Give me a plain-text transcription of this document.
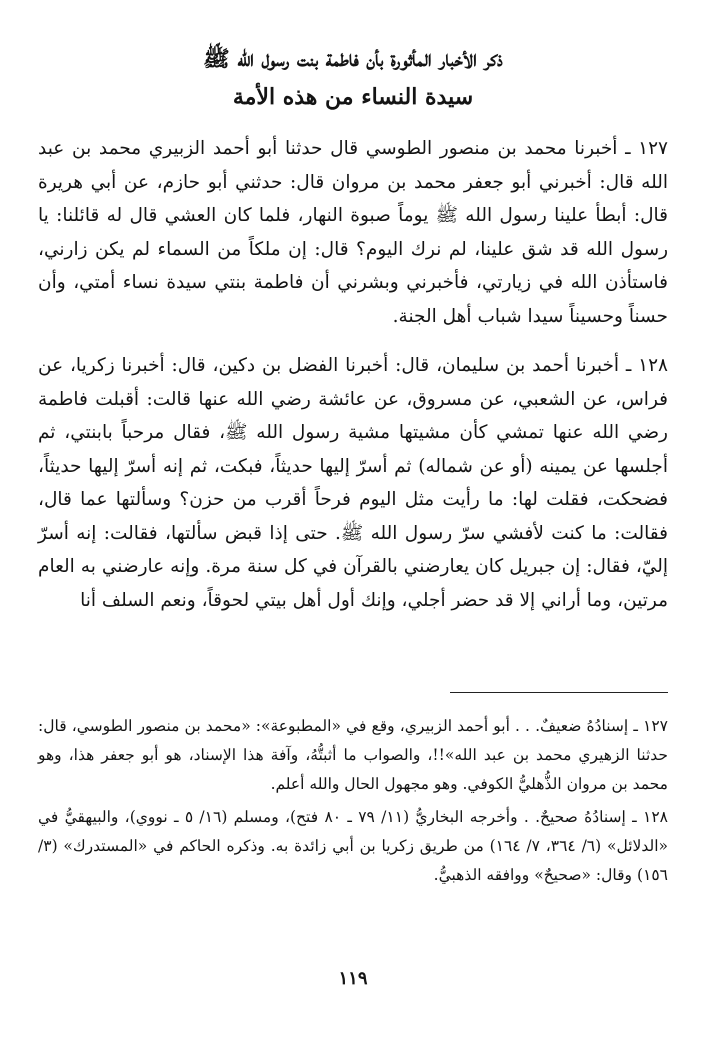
ذكر الأخبار المأثورة بأن فاطمة بنت رسول الله ﷺ
سيدة النساء من هذه الأمة

١٢٧ ـ أخبرنا محمد بن منصور الطوسي قال حدثنا أبو أحمد الزبيري محمد بن عبد الله قال: أخبرني أبو جعفر محمد بن مروان قال: حدثني أبو حازم، عن أبي هريرة قال: أبطأ علينا رسول الله ﷺ يوماً صبوة النهار، فلما كان العشي قال له قائلنا: يا رسول الله قد شق علينا، لم نرك اليوم؟ قال: إن ملكاً من السماء لم يكن زارني، فاستأذن الله في زيارتي، فأخبرني وبشرني أن فاطمة بنتي سيدة نساء أمتي، وأن حسناً وحسيناً سيدا شباب أهل الجنة.

١٢٨ ـ أخبرنا أحمد بن سليمان، قال: أخبرنا الفضل بن دكين، قال: أخبرنا زكريا، عن فراس، عن الشعبي، عن مسروق، عن عائشة رضي الله عنها قالت: أقبلت فاطمة رضي الله عنها تمشي كأن مشيتها مشية رسول الله ﷺ، فقال مرحباً بابنتي، ثم أجلسها عن يمينه (أو عن شماله) ثم أسرّ إليها حديثاً، فبكت، ثم إنه أسرّ إليها حديثاً، فضحكت، فقلت لها: ما رأيت مثل اليوم فرحاً أقرب من حزن؟ وسألتها عما قال، فقالت: ما كنت لأفشي سرّ رسول الله ﷺ. حتى إذا قبض سألتها، فقالت: إنه أسرّ إليّ، فقال: إن جبريل كان يعارضني بالقرآن في كل سنة مرة. وإنه عارضني به العام مرتين، وما أراني إلا قد حضر أجلي، وإنك أول أهل بيتي لحوقاً، ونعم السلف أنا

١٢٧ ـ إسنادُهُ ضعيفٌ. . . أبو أحمد الزبيري، وقع في «المطبوعة»: «محمد بن منصور الطوسي، قال: حدثنا الزهيري محمد بن عبد الله»!!، والصواب ما أثبتُّهُ، وآفة هذا الإسناد، هو أبو جعفر هذا، وهو محمد بن مروان الذُّهليُّ الكوفي. وهو مجهول الحال والله أعلم.

١٢٨ ـ إسنادُهُ صحيحٌ. . وأخرجه البخاريُّ (١١/ ٧٩ ـ ٨٠ فتح)، ومسلم (١٦/ ٥ ـ نووي)، والبيهقيُّ في «الدلائل» (٦/ ٣٦٤، ٧/ ١٦٤) من طريق زكريا بن أبي زائدة به. وذكره الحاكم في «المستدرك» (٣/ ١٥٦) وقال: «صحيحٌ» ووافقه الذهبيُّ.

١١٩
